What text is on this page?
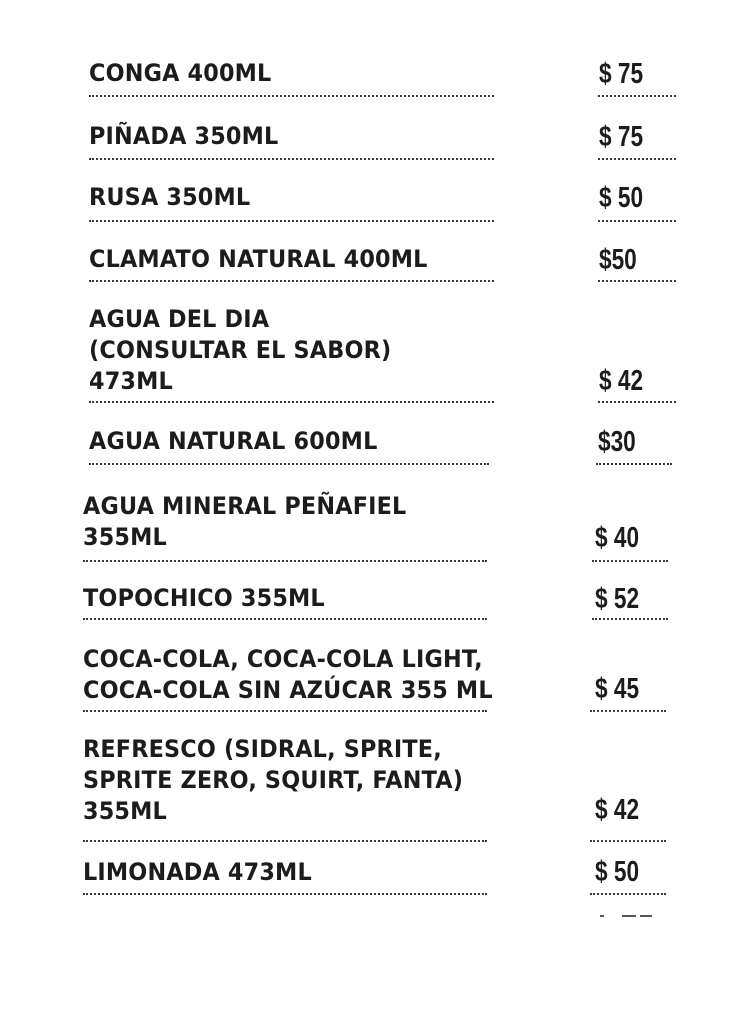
CONGA 400ML	$ 75
PIÑADA 350ML	$ 75
RUSA 350ML	$ 50
CLAMATO NATURAL 400ML	$50
AGUA DEL DIA
(CONSULTAR EL SABOR)
473ML	$ 42
AGUA NATURAL 600ML	$30
AGUA MINERAL PEÑAFIEL
355ML	$ 40
TOPOCHICO 355ML	$ 52
COCA-COLA, COCA-COLA LIGHT,
COCA-COLA SIN AZÚCAR 355 ML	$ 45
REFRESCO (SIDRAL, SPRITE,
SPRITE ZERO, SQUIRT, FANTA)
355ML	$ 42
LIMONADA 473ML	$ 50
